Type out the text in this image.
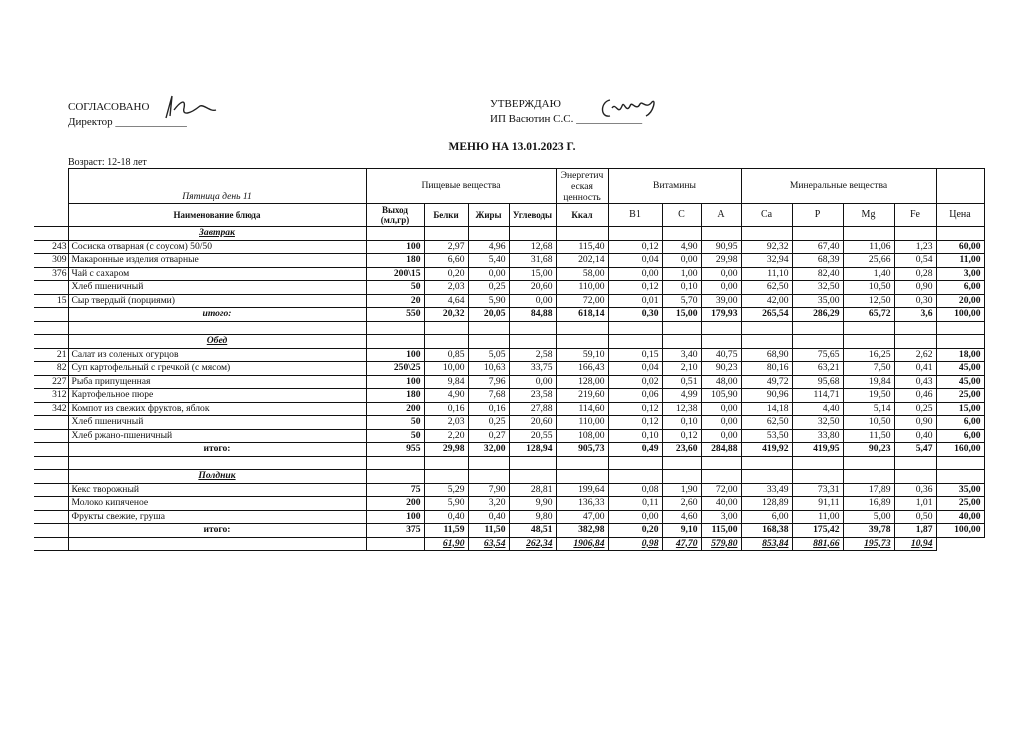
СОГЛАСОВАНО
Директор _____________
УТВЕРЖДАЮ
ИП Васютин С.С. ____________
МЕНЮ НА 13.01.2023 Г.
Возраст: 12-18 лет
	Пятница день 11	Пищевые вещества				Энергетич еская ценность	Витамины			Минеральные вещества				
	Наименование блюда	Выход (мл,гр)	Белки	Жиры	Углеводы	Ккал	В1	С	А	Са	Р	Mg	Fe	Цена
	Завтрак													
243	Сосиска отварная (с соусом) 50/50	100	2,97	4,96	12,68	115,40	0,12	4,90	90,95	92,32	67,40	11,06	1,23	60,00
309	Макаронные изделия отварные	180	6,60	5,40	31,68	202,14	0,04	0,00	29,98	32,94	68,39	25,66	0,54	11,00
376	Чай с сахаром	200\15	0,20	0,00	15,00	58,00	0,00	1,00	0,00	11,10	82,40	1,40	0,28	3,00
	Хлеб пшеничный	50	2,03	0,25	20,60	110,00	0,12	0,10	0,00	62,50	32,50	10,50	0,90	6,00
15	Сыр твердый (порциями)	20	4,64	5,90	0,00	72,00	0,01	5,70	39,00	42,00	35,00	12,50	0,30	20,00
	итого:	550	20,32	20,05	84,88	618,14	0,30	15,00	179,93	265,54	286,29	65,72	3,6	100,00

	Обед													
21	Салат из соленых огурцов	100	0,85	5,05	2,58	59,10	0,15	3,40	40,75	68,90	75,65	16,25	2,62	18,00
82	Суп картофельный с гречкой (с мясом)	250\25	10,00	10,63	33,75	166,43	0,04	2,10	90,23	80,16	63,21	7,50	0,41	45,00
227	Рыба припущенная	100	9,84	7,96	0,00	128,00	0,02	0,51	48,00	49,72	95,68	19,84	0,43	45,00
312	Картофельное пюре	180	4,90	7,68	23,58	219,60	0,06	4,99	105,90	90,96	114,71	19,50	0,46	25,00
342	Компот из свежих фруктов, яблок	200	0,16	0,16	27,88	114,60	0,12	12,38	0,00	14,18	4,40	5,14	0,25	15,00
	Хлеб пшеничный	50	2,03	0,25	20,60	110,00	0,12	0,10	0,00	62,50	32,50	10,50	0,90	6,00
	Хлеб ржано-пшеничный	50	2,20	0,27	20,55	108,00	0,10	0,12	0,00	53,50	33,80	11,50	0,40	6,00
	итого:	955	29,98	32,00	128,94	905,73	0,49	23,60	284,88	419,92	419,95	90,23	5,47	160,00

	Полдник													
	Кекс творожный	75	5,29	7,90	28,81	199,64	0,08	1,90	72,00	33,49	73,31	17,89	0,36	35,00
	Молоко кипяченое	200	5,90	3,20	9,90	136,33	0,11	2,60	40,00	128,89	91,11	16,89	1,01	25,00
	Фрукты свежие, груша	100	0,40	0,40	9,80	47,00	0,00	4,60	3,00	6,00	11,00	5,00	0,50	40,00
	итого:	375	11,59	11,50	48,51	382,98	0,20	9,10	115,00	168,38	175,42	39,78	1,87	100,00
			61,90	63,54	262,34	1906,84	0,98	47,70	579,80	853,84	881,66	195,73	10,94	
